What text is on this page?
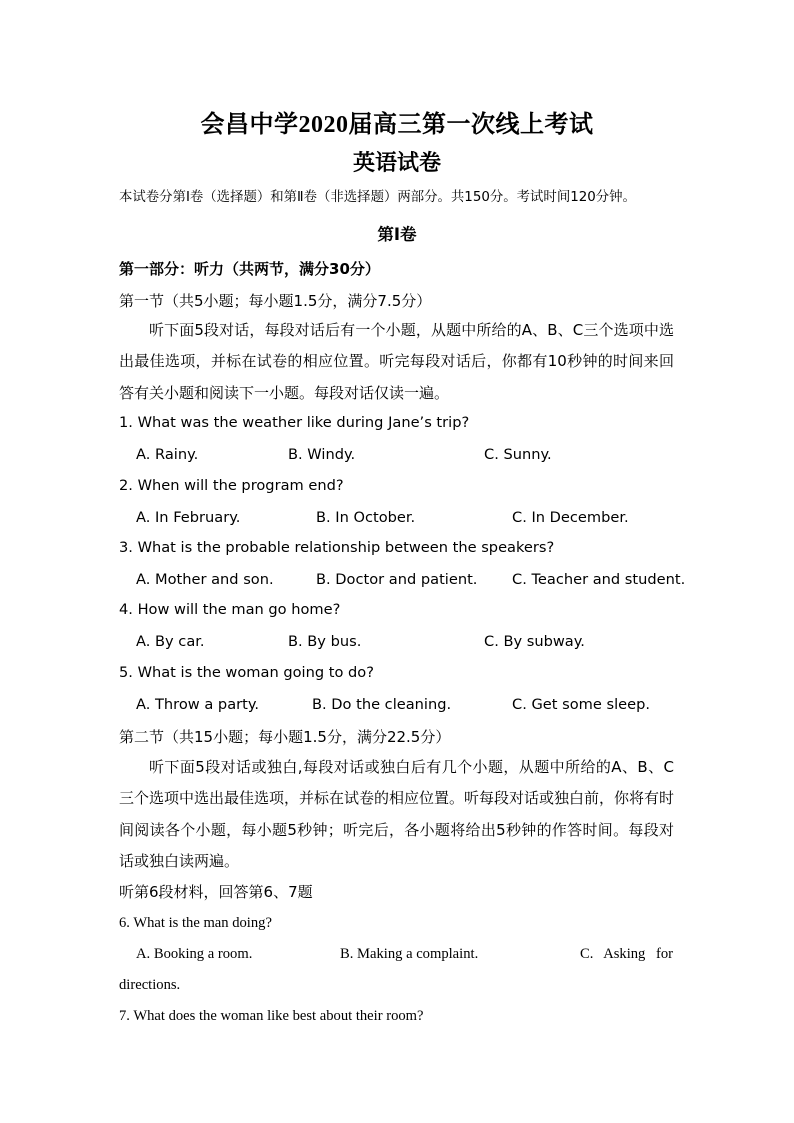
会昌中学2020届高三第一次线上考试
英语试卷
本试卷分第Ⅰ卷（选择题）和第Ⅱ卷（非选择题）两部分。共150分。考试时间120分钟。
第Ⅰ卷
第一部分：听力（共两节，满分30分）
第一节（共5小题；每小题1.5分，满分7.5分）

听下面5段对话，每段对话后有一个小题，从题中所给的A、B、C三个选项中选出最佳选项，并标在试卷的相应位置。听完每段对话后，你都有10秒钟的时间来回答有关小题和阅读下一小题。每段对话仅读一遍。

1. What was the weather like during Jane’s trip?
A. Rainy.	B. Windy.	C. Sunny.
2. When will the program end?
A. In February.	B. In October.	C. In December.
3. What is the probable relationship between the speakers?
A. Mother and son.	B. Doctor and patient. C. Teacher and student.
4. How will the man go home?
A. By car.	B. By bus.	C. By subway.
5. What is the woman going to do?
A. Throw a party.	B. Do the cleaning.	C. Get some sleep.
第二节（共15小题；每小题1.5分，满分22.5分）

听下面5段对话或独白,每段对话或独白后有几个小题，从题中所给的A、B、C三个选项中选出最佳选项，并标在试卷的相应位置。听每段对话或独白前，你将有时间阅读各个小题，每小题5秒钟；听完后，各小题将给出5秒钟的作答时间。每段对话或独白读两遍。

听第6段材料，回答第6、7题
6. What is the man doing?
A. Booking a room.	B. Making a complaint.	C. Asking for
directions.
7. What does the woman like best about their room?
